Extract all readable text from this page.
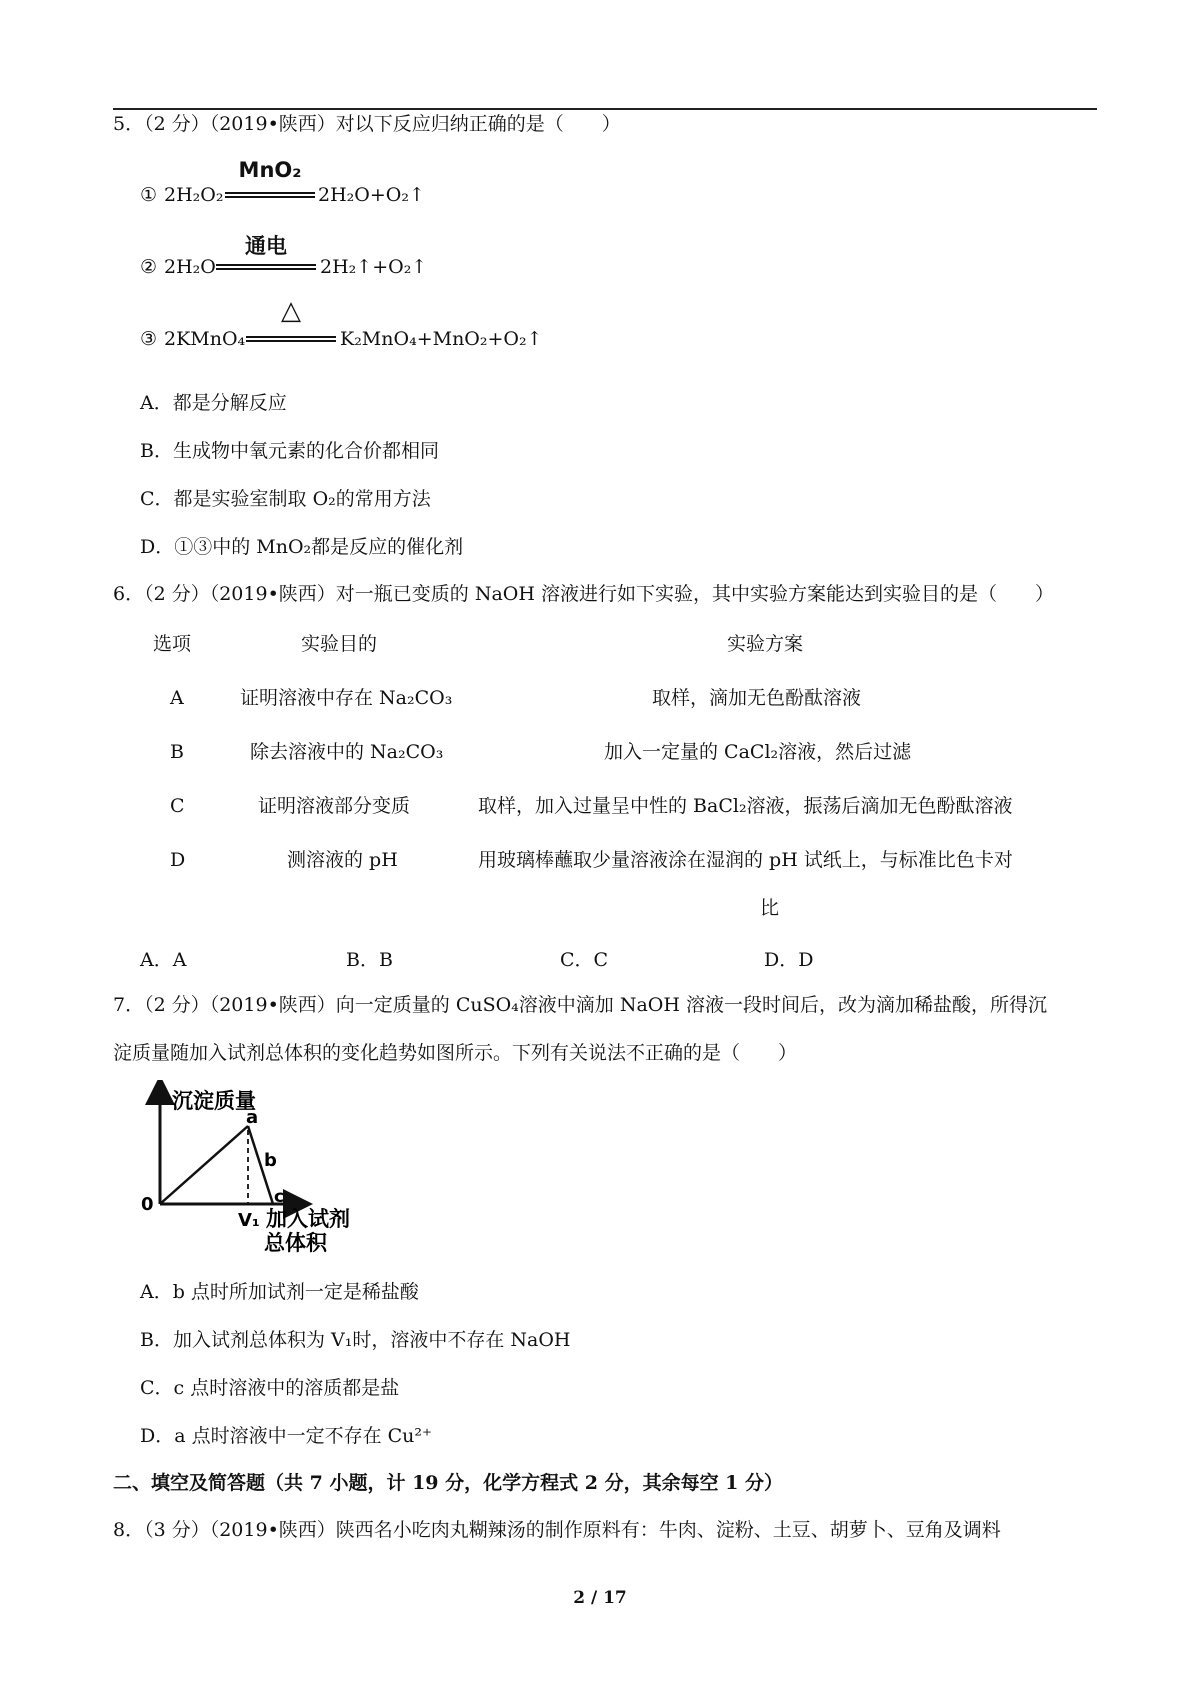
5．（2 分）（2019•陕西）对以下反应归纳正确的是（　　）
① 2H₂O₂
MnO₂
2H₂O+O₂↑
② 2H₂O
通电
2H₂↑+O₂↑
③ 2KMnO₄
△
K₂MnO₄+MnO₂+O₂↑
A．都是分解反应
B．生成物中氧元素的化合价都相同
C．都是实验室制取 O₂的常用方法
D．①③中的 MnO₂都是反应的催化剂
6．（2 分）（2019•陕西）对一瓶已变质的 NaOH 溶液进行如下实验，其中实验方案能达到实验目的是（　　）
选项	实验目的	实验方案
A	证明溶液中存在 Na₂CO₃	取样，滴加无色酚酞溶液
B	除去溶液中的 Na₂CO₃	加入一定量的 CaCl₂溶液，然后过滤
C	证明溶液部分变质	取样，加入过量呈中性的 BaCl₂溶液，振荡后滴加无色酚酞溶液
D	测溶液的 pH	用玻璃棒蘸取少量溶液涂在湿润的 pH 试纸上，与标准比色卡对
比
A．A	B．B	C．C	D．D
7．（2 分）（2019•陕西）向一定质量的 CuSO₄溶液中滴加 NaOH 溶液一段时间后，改为滴加稀盐酸，所得沉
淀质量随加入试剂总体积的变化趋势如图所示。下列有关说法不正确的是（　　）
沉淀质量
a
b
c
0
V₁ 加入试剂
总体积
A．b 点时所加试剂一定是稀盐酸
B．加入试剂总体积为 V₁时，溶液中不存在 NaOH
C．c 点时溶液中的溶质都是盐
D．a 点时溶液中一定不存在 Cu²⁺
二、填空及简答题（共 7 小题，计 19 分，化学方程式 2 分，其余每空 1 分）
8．（3 分）（2019•陕西）陕西名小吃肉丸糊辣汤的制作原料有：牛肉、淀粉、土豆、胡萝卜、豆角及调料
2 / 17
